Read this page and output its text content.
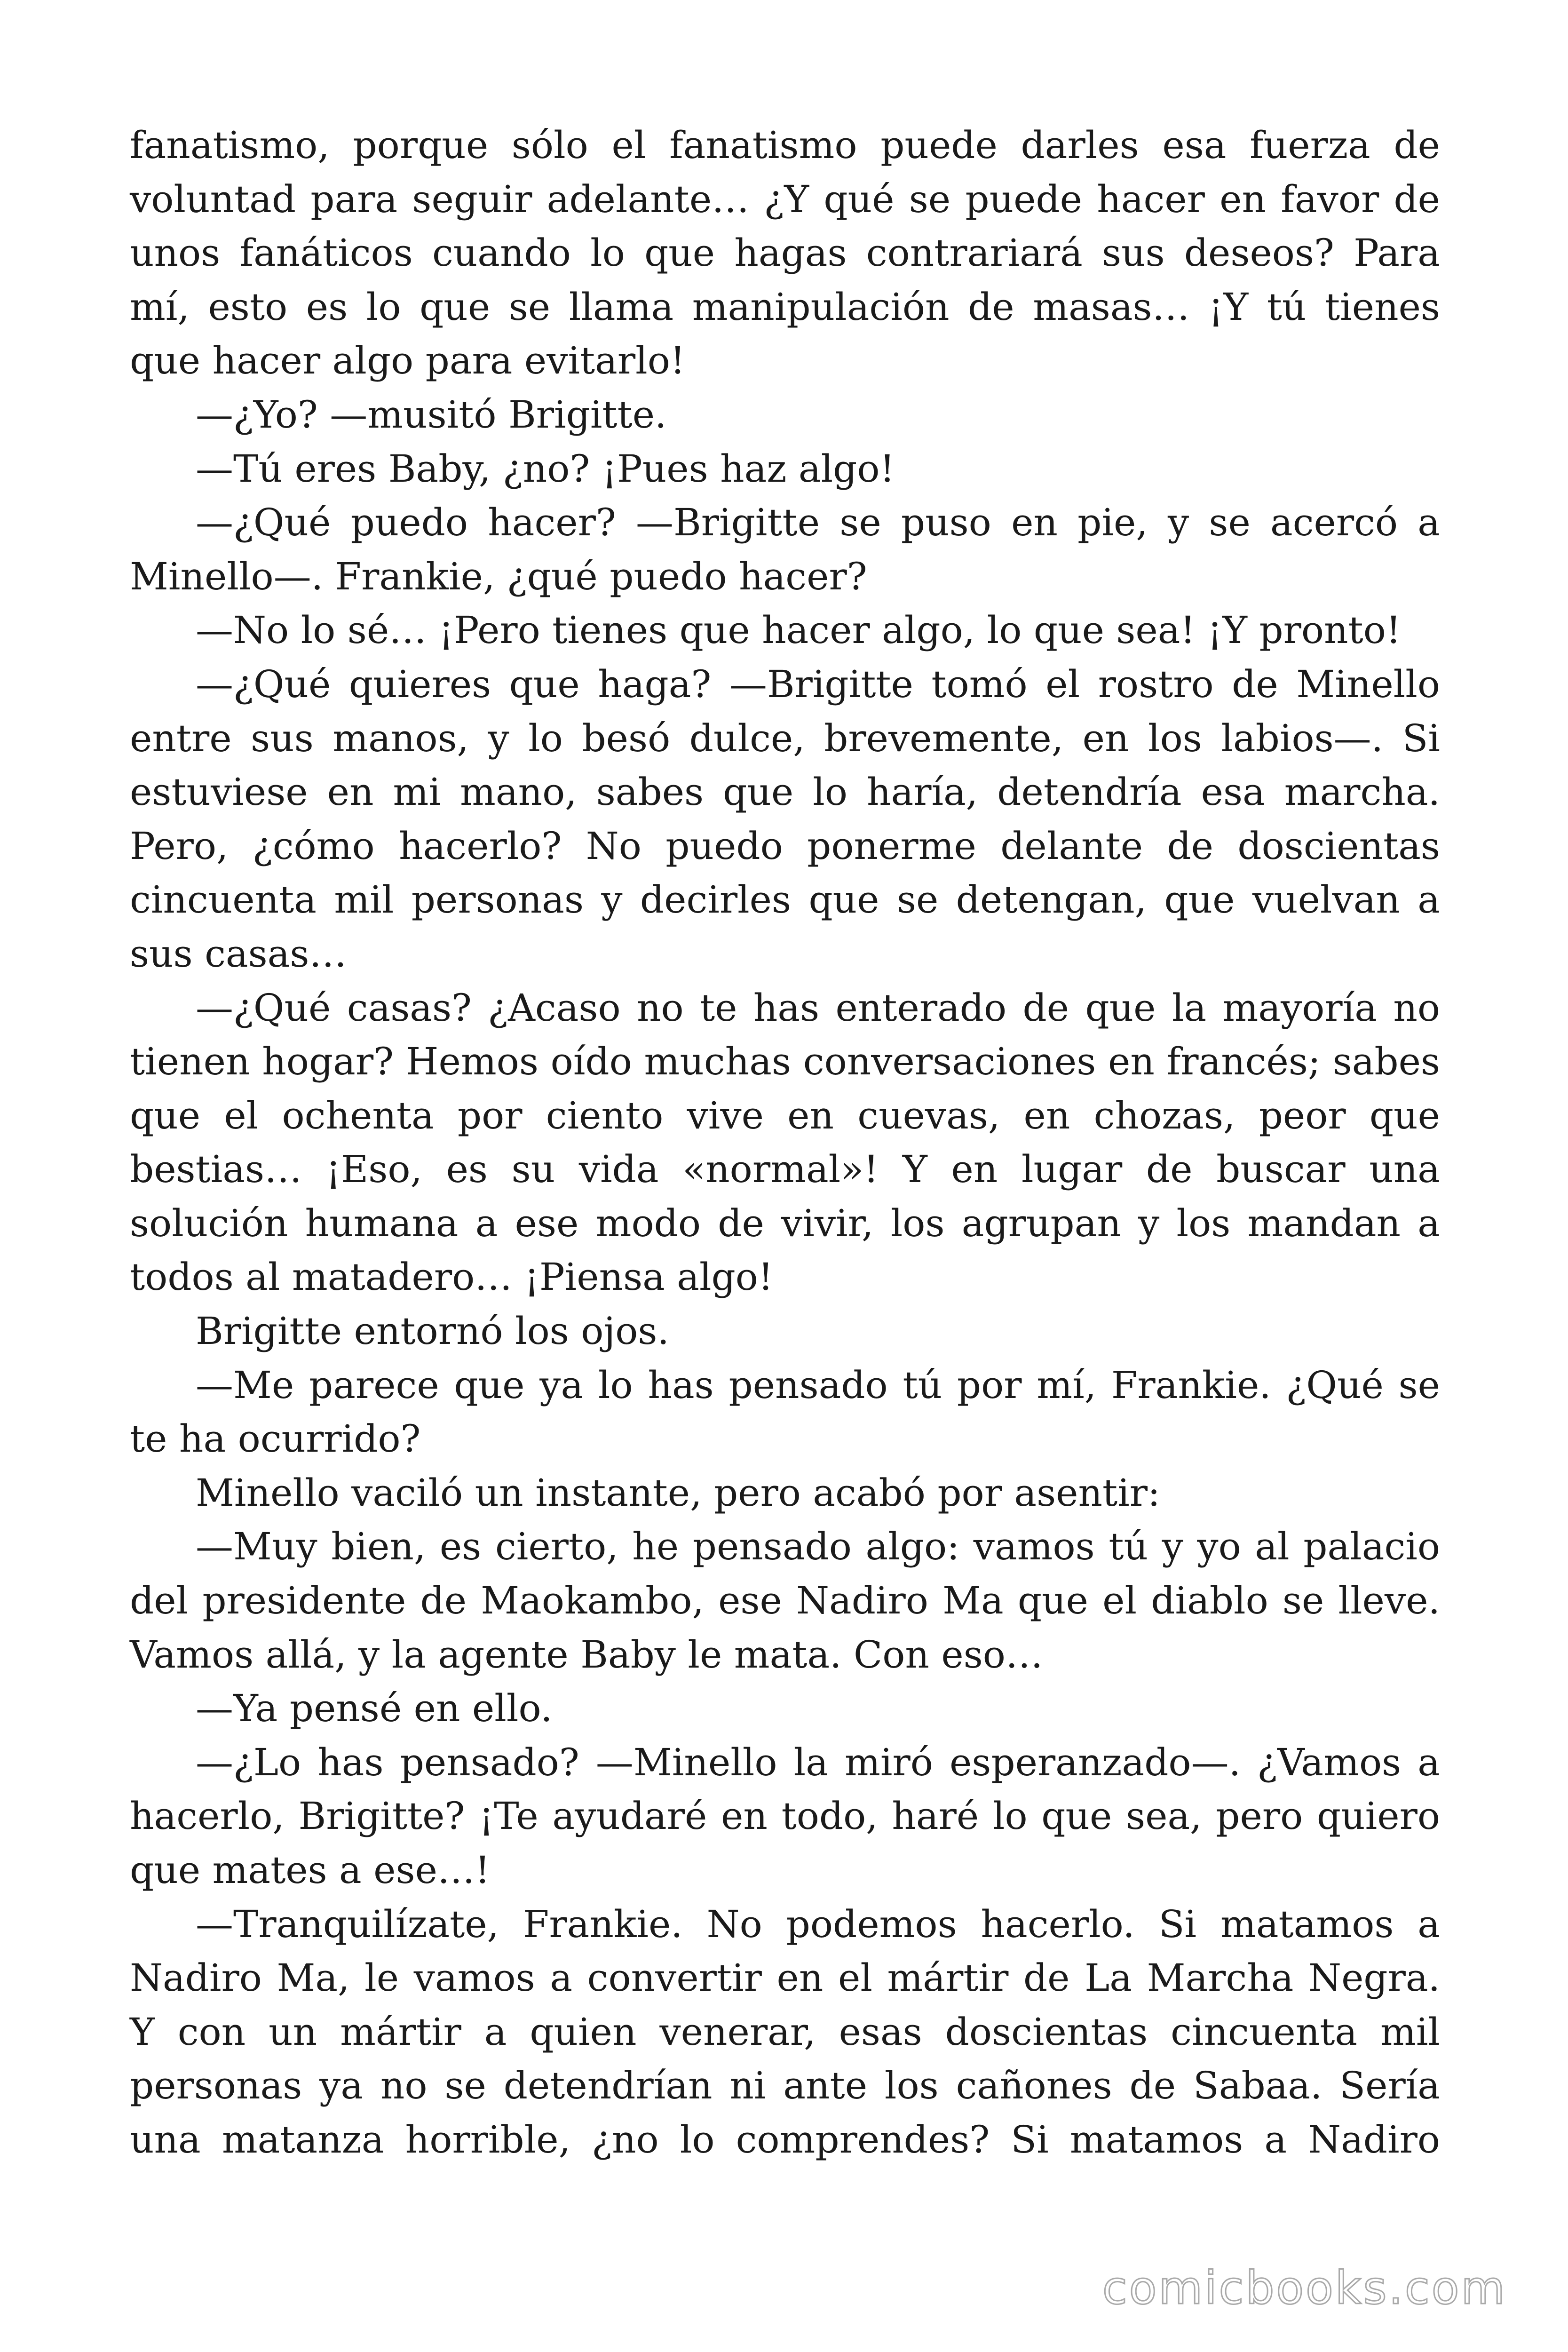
fanatismo, porque sólo el fanatismo puede darles esa fuerza de voluntad para seguir adelante… ¿Y qué se puede hacer en favor de unos fanáticos cuando lo que hagas contrariará sus deseos? Para mí, esto es lo que se llama manipulación de masas… ¡Y tú tienes que hacer algo para evitarlo!

—¿Yo? —musitó Brigitte.

—Tú eres Baby, ¿no? ¡Pues haz algo!

—¿Qué puedo hacer? —Brigitte se puso en pie, y se acercó a Minello—. Frankie, ¿qué puedo hacer?

—No lo sé… ¡Pero tienes que hacer algo, lo que sea! ¡Y pronto!

—¿Qué quieres que haga? —Brigitte tomó el rostro de Minello entre sus manos, y lo besó dulce, brevemente, en los labios—. Si estuviese en mi mano, sabes que lo haría, detendría esa marcha. Pero, ¿cómo hacerlo? No puedo ponerme delante de doscientas cincuenta mil personas y decirles que se detengan, que vuelvan a sus casas…

—¿Qué casas? ¿Acaso no te has enterado de que la mayoría no tienen hogar? Hemos oído muchas conversaciones en francés; sabes que el ochenta por ciento vive en cuevas, en chozas, peor que bestias… ¡Eso, es su vida «normal»! Y en lugar de buscar una solución humana a ese modo de vivir, los agrupan y los mandan a todos al matadero… ¡Piensa algo!

Brigitte entornó los ojos.

—Me parece que ya lo has pensado tú por mí, Frankie. ¿Qué se te ha ocurrido?

Minello vaciló un instante, pero acabó por asentir:

—Muy bien, es cierto, he pensado algo: vamos tú y yo al palacio del presidente de Maokambo, ese Nadiro Ma que el diablo se lleve. Vamos allá, y la agente Baby le mata. Con eso…

—Ya pensé en ello.

—¿Lo has pensado? —Minello la miró esperanzado—. ¿Vamos a hacerlo, Brigitte? ¡Te ayudaré en todo, haré lo que sea, pero quiero que mates a ese…!

—Tranquilízate, Frankie. No podemos hacerlo. Si matamos a Nadiro Ma, le vamos a convertir en el mártir de La Marcha Negra. Y con un mártir a quien venerar, esas doscientas cincuenta mil personas ya no se detendrían ni ante los cañones de Sabaa. Sería una matanza horrible, ¿no lo comprendes? Si matamos a Nadiro

comicbooks.com
